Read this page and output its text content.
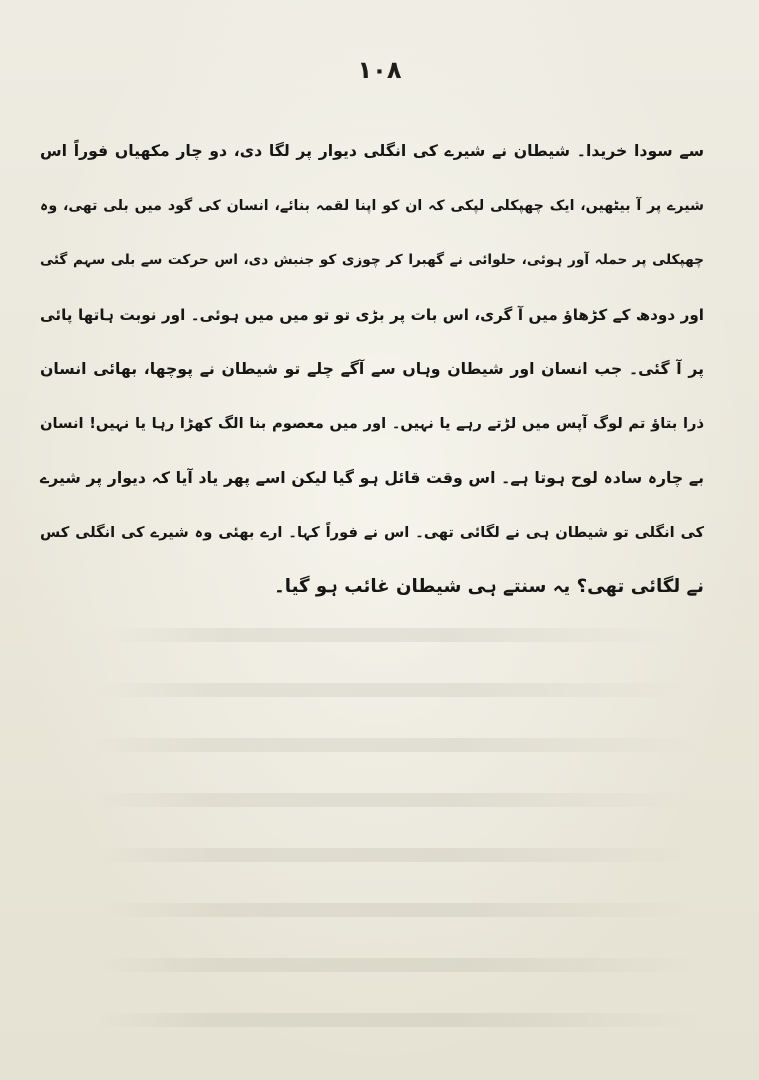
۱۰۸
سے سودا خریدا۔ شیطان نے شیرے کی انگلی دیوار پر لگا دی، دو چار مکھیاں فوراً اس
شیرے پر آ بیٹھیں، ایک چھپکلی لپکی کہ ان کو اپنا لقمہ بنائے، انسان کی گود میں بلی تھی، وہ
چھپکلی پر حملہ آور ہوئی، حلوائی نے گھبرا کر چوزی کو جنبش دی، اس حرکت سے بلی سہم گئی
اور دودھ کے کڑھاؤ میں آ گری، اس بات پر بڑی تو تو میں میں ہوئی۔ اور نوبت ہاتھا پائی
پر آ گئی۔ جب انسان اور شیطان وہاں سے آگے چلے تو شیطان نے پوچھا، بھائی انسان
ذرا بتاؤ تم لوگ آپس میں لڑتے رہے یا نہیں۔ اور میں معصوم بنا الگ کھڑا رہا یا نہیں! انسان
بے چارہ سادہ لوح ہوتا ہے۔ اس وقت قائل ہو گیا لیکن اسے پھر یاد آیا کہ دیوار پر شیرے
کی انگلی تو شیطان ہی نے لگائی تھی۔ اس نے فوراً کہا۔ ارے بھئی وہ شیرے کی انگلی کس
نے لگائی تھی؟ یہ سنتے ہی شیطان غائب ہو گیا۔
